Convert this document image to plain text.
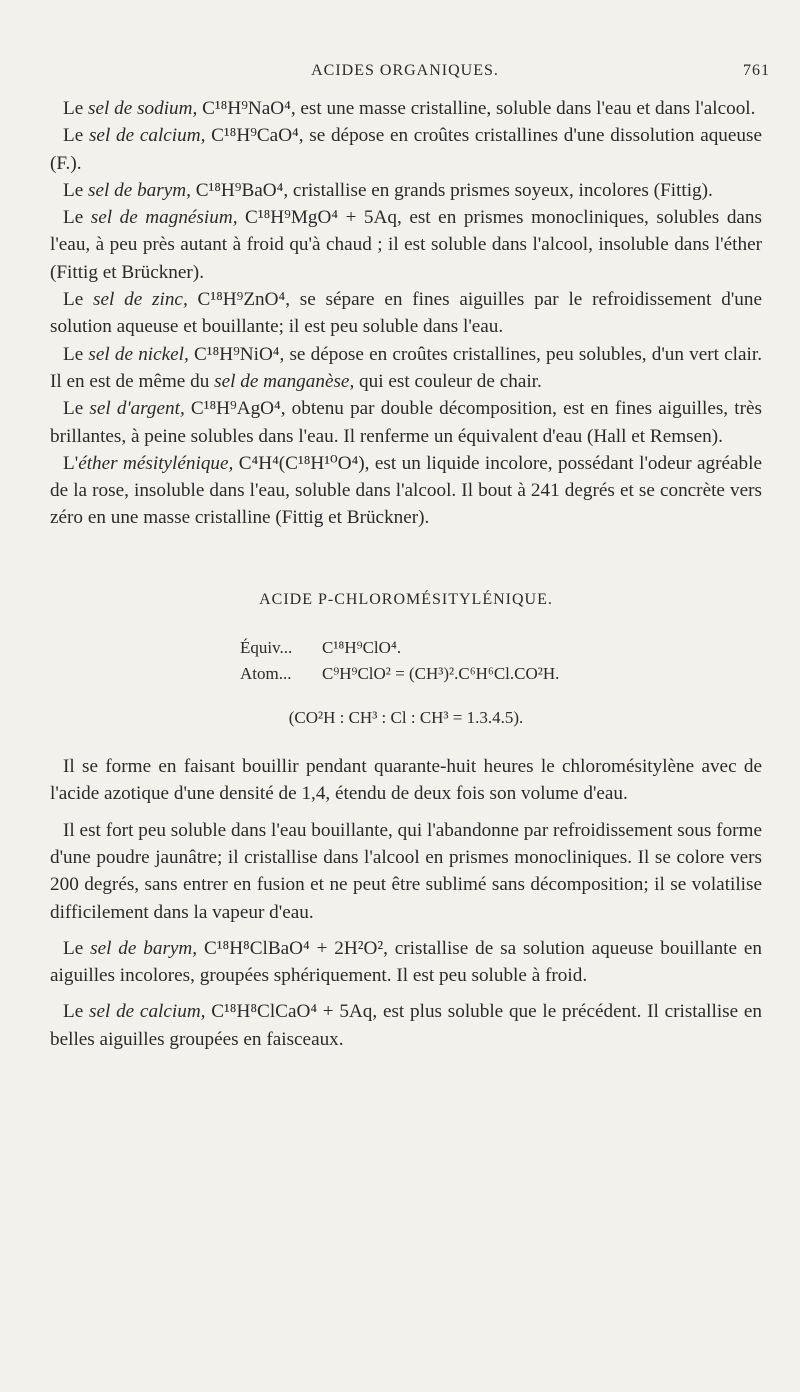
ACIDES ORGANIQUES.	761

Le sel de sodium, C¹⁸H⁹NaO⁴, est une masse cristalline, soluble dans l'eau et dans l'alcool.

Le sel de calcium, C¹⁸H⁹CaO⁴, se dépose en croûtes cristallines d'une dissolution aqueuse (F.).

Le sel de barym, C¹⁸H⁹BaO⁴, cristallise en grands prismes soyeux, incolores (Fittig).

Le sel de magnésium, C¹⁸H⁹MgO⁴ + 5Aq, est en prismes monocliniques, solubles dans l'eau, à peu près autant à froid qu'à chaud ; il est soluble dans l'alcool, insoluble dans l'éther (Fittig et Brückner).

Le sel de zinc, C¹⁸H⁹ZnO⁴, se sépare en fines aiguilles par le refroidissement d'une solution aqueuse et bouillante; il est peu soluble dans l'eau.

Le sel de nickel, C¹⁸H⁹NiO⁴, se dépose en croûtes cristallines, peu solubles, d'un vert clair. Il en est de même du sel de manganèse, qui est couleur de chair.

Le sel d'argent, C¹⁸H⁹AgO⁴, obtenu par double décomposition, est en fines aiguilles, très brillantes, à peine solubles dans l'eau. Il renferme un équivalent d'eau (Hall et Remsen).

L'éther mésitylénique, C⁴H⁴(C¹⁸H¹⁰O⁴), est un liquide incolore, possédant l'odeur agréable de la rose, insoluble dans l'eau, soluble dans l'alcool. Il bout à 241 degrés et se concrète vers zéro en une masse cristalline (Fittig et Brückner).

ACIDE P-CHLOROMÉSITYLÉNIQUE.
Équiv... C¹⁸H⁹ClO⁴.
Atom... C⁹H⁹ClO² = (CH³)².C⁶H⁶Cl.CO²H.
(CO²H : CH³ : Cl : CH³ = 1.3.4.5).

Il se forme en faisant bouillir pendant quarante-huit heures le chloromésitylène avec de l'acide azotique d'une densité de 1,4, étendu de deux fois son volume d'eau.

Il est fort peu soluble dans l'eau bouillante, qui l'abandonne par refroidissement sous forme d'une poudre jaunâtre; il cristallise dans l'alcool en prismes monocliniques. Il se colore vers 200 degrés, sans entrer en fusion et ne peut être sublimé sans décomposition; il se volatilise difficilement dans la vapeur d'eau.

Le sel de barym, C¹⁸H⁸ClBaO⁴ + 2H²O², cristallise de sa solution aqueuse bouillante en aiguilles incolores, groupées sphériquement. Il est peu soluble à froid.

Le sel de calcium, C¹⁸H⁸ClCaO⁴ + 5Aq, est plus soluble que le précédent. Il cristallise en belles aiguilles groupées en faisceaux.
